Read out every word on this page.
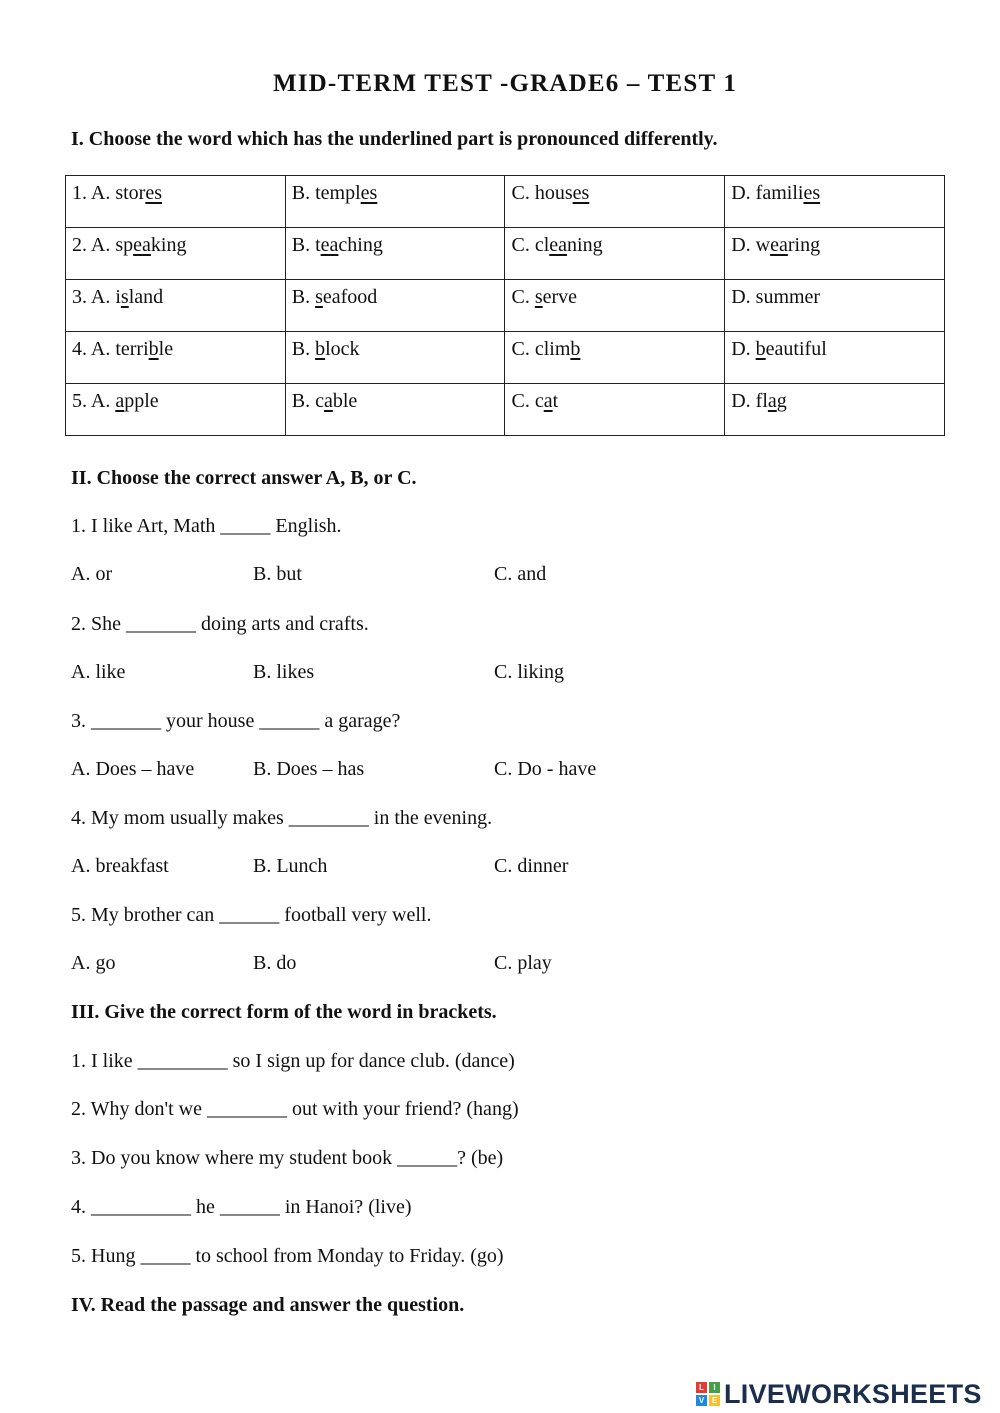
MID-TERM TEST -GRADE6 – TEST 1
I. Choose the word which has the underlined part is pronounced differently.
1. A. stores	B. temples	C. houses	D. families
2. A. speaking	B. teaching	C. cleaning	D. wearing
3. A. island	B. seafood	C. serve	D. summer
4. A. terrible	B. block	C. climb	D. beautiful
5. A. apple	B. cable	C. cat	D. flag
II. Choose the correct answer A, B, or C.
1. I like Art, Math _____ English.
A. or	B. but	C. and
2. She _______ doing arts and crafts.
A. like	B. likes	C. liking
3. _______ your house ______ a garage?
A. Does – have	B. Does – has	C. Do - have
4. My mom usually makes ________ in the evening.
A. breakfast	B. Lunch	C. dinner
5. My brother can ______ football very well.
A. go	B. do	C. play
III. Give the correct form of the word in brackets.
1. I like _________ so I sign up for dance club. (dance)
2. Why don't we ________ out with your friend? (hang)
3. Do you know where my student book ______? (be)
4. __________ he ______ in Hanoi? (live)
5. Hung _____ to school from Monday to Friday. (go)
IV. Read the passage and answer the question.
L	I
V E LIVEWORKSHEETS
